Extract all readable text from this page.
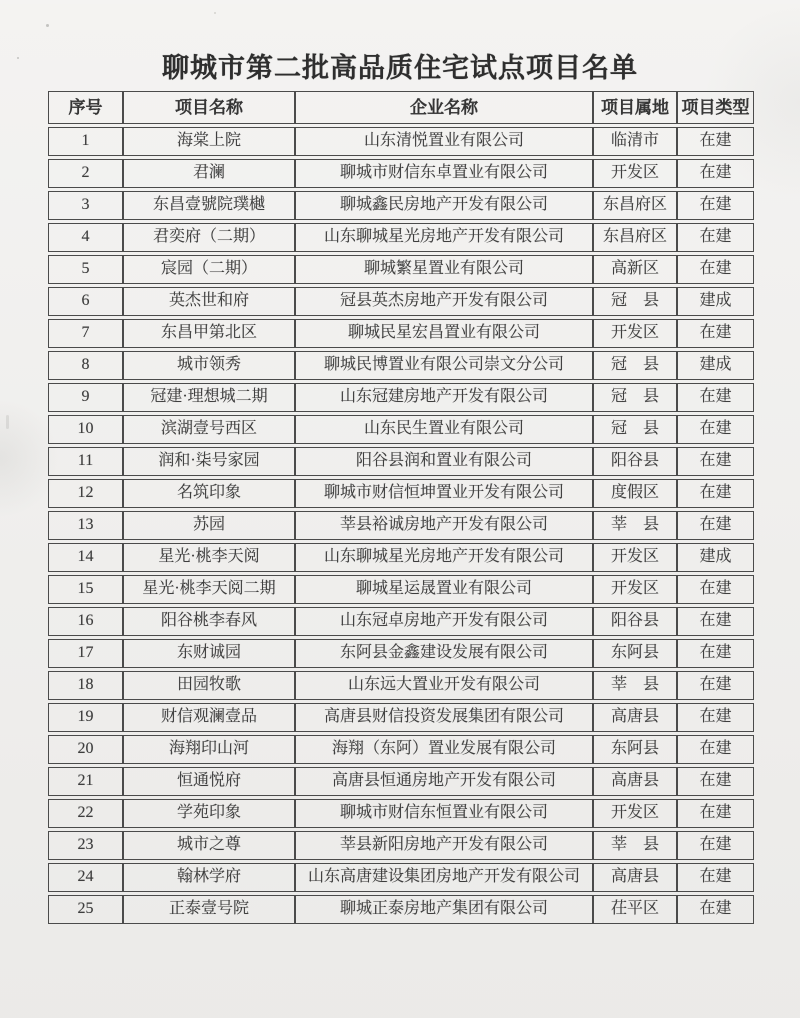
聊城市第二批高品质住宅试点项目名单
序号	项目名称	企业名称	项目属地	项目类型
1	海棠上院	山东清悦置业有限公司	临清市	在建
2	君澜	聊城市财信东卓置业有限公司	开发区	在建
3	东昌壹號院璞樾	聊城鑫民房地产开发有限公司	东昌府区	在建
4	君奕府（二期）	山东聊城星光房地产开发有限公司	东昌府区	在建
5	宸园（二期）	聊城繁星置业有限公司	高新区	在建
6	英杰世和府	冠县英杰房地产开发有限公司	冠　县	建成
7	东昌甲第北区	聊城民星宏昌置业有限公司	开发区	在建
8	城市领秀	聊城民博置业有限公司崇文分公司	冠　县	建成
9	冠建·理想城二期	山东冠建房地产开发有限公司	冠　县	在建
10	滨湖壹号西区	山东民生置业有限公司	冠　县	在建
11	润和·柒号家园	阳谷县润和置业有限公司	阳谷县	在建
12	名筑印象	聊城市财信恒坤置业开发有限公司	度假区	在建
13	苏园	莘县裕诚房地产开发有限公司	莘　县	在建
14	星光·桃李天阅	山东聊城星光房地产开发有限公司	开发区	建成
15	星光·桃李天阅二期	聊城星运晟置业有限公司	开发区	在建
16	阳谷桃李春风	山东冠卓房地产开发有限公司	阳谷县	在建
17	东财诚园	东阿县金鑫建设发展有限公司	东阿县	在建
18	田园牧歌	山东远大置业开发有限公司	莘　县	在建
19	财信观澜壹品	高唐县财信投资发展集团有限公司	高唐县	在建
20	海翔印山河	海翔（东阿）置业发展有限公司	东阿县	在建
21	恒通悦府	高唐县恒通房地产开发有限公司	高唐县	在建
22	学苑印象	聊城市财信东恒置业有限公司	开发区	在建
23	城市之尊	莘县新阳房地产开发有限公司	莘　县	在建
24	翰林学府	山东高唐建设集团房地产开发有限公司	高唐县	在建
25	正泰壹号院	聊城正泰房地产集团有限公司	茌平区	在建
